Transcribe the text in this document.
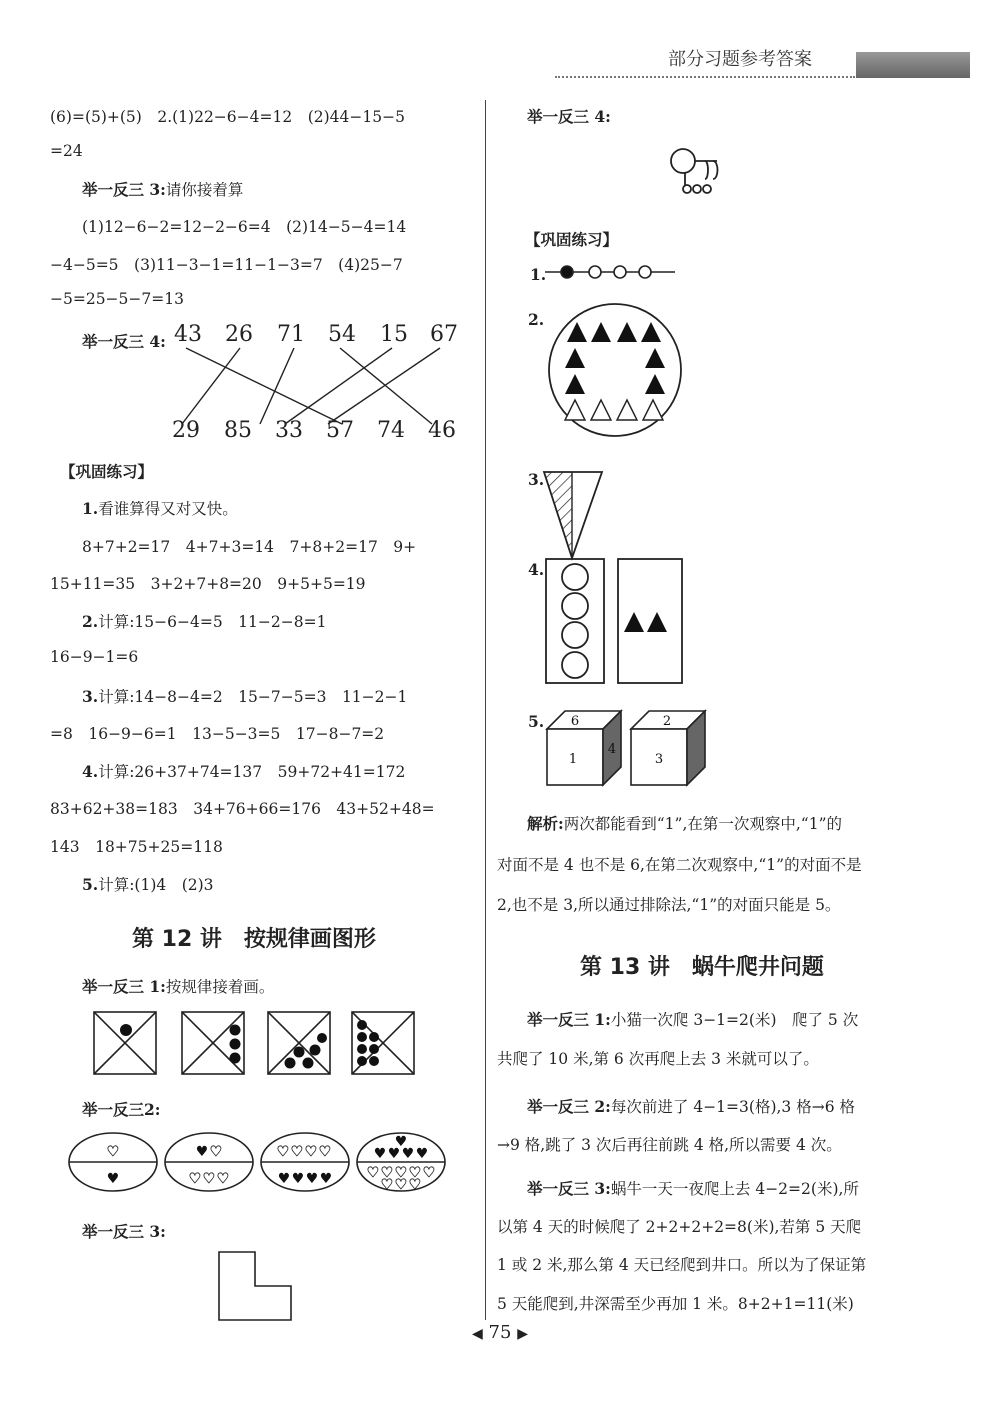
部分习题参考答案
(6)=(5)+(5)　2.(1)22−6−4=12　(2)44−15−5
=24
举一反三 3:请你接着算
(1)12−6−2=12−2−6=4　(2)14−5−4=14
−4−5=5　(3)11−3−1=11−1−3=7　(4)25−7
−5=25−5−7=13
举一反三 4: 43 26 71 54 15 67
29 85 33 57 74 46
【巩固练习】
1.看谁算得又对又快。
8+7+2=17　4+7+3=14　7+8+2=17　9+
15+11=35　3+2+7+8=20　9+5+5=19
2.计算:15−6−4=5　11−2−8=1
16−9−1=6
3.计算:14−8−4=2　15−7−5=3　11−2−1
=8　16−9−6=1　13−5−3=5　17−8−7=2
4.计算:26+37+74=137　59+72+41=172
83+62+38=183　34+76+66=176　43+52+48=
143　18+75+25=118
5.计算:(1)4　(2)3
第 12 讲　按规律画图形
举一反三 1:按规律接着画。
举一反三2:
♥
♥
♥ ♥
♥ ♥ ♥
♥ ♥ ♥ ♥
♥ ♥ ♥ ♥
♥
♥ ♥ ♥ ♥
♥ ♥ ♥ ♥ ♥
♥ ♥ ♥
举一反三 3:
举一反三 4:
【巩固练习】
1.
2.
3.
4.
5. 6
1
4
2
3
解析:两次都能看到“1”,在第一次观察中,“1”的
对面不是 4 也不是 6,在第二次观察中,“1”的对面不是
2,也不是 3,所以通过排除法,“1”的对面只能是 5。
第 13 讲　蜗牛爬井问题
举一反三 1:小猫一次爬 3−1=2(米)　爬了 5 次
共爬了 10 米,第 6 次再爬上去 3 米就可以了。
举一反三 2:每次前进了 4−1=3(格),3 格→6 格
→9 格,跳了 3 次后再往前跳 4 格,所以需要 4 次。
举一反三 3:蜗牛一天一夜爬上去 4−2=2(米),所
以第 4 天的时候爬了 2+2+2+2=8(米),若第 5 天爬
1 或 2 米,那么第 4 天已经爬到井口。所以为了保证第
5 天能爬到,井深需至少再加 1 米。8+2+1=11(米)
◀ 75 ▶
